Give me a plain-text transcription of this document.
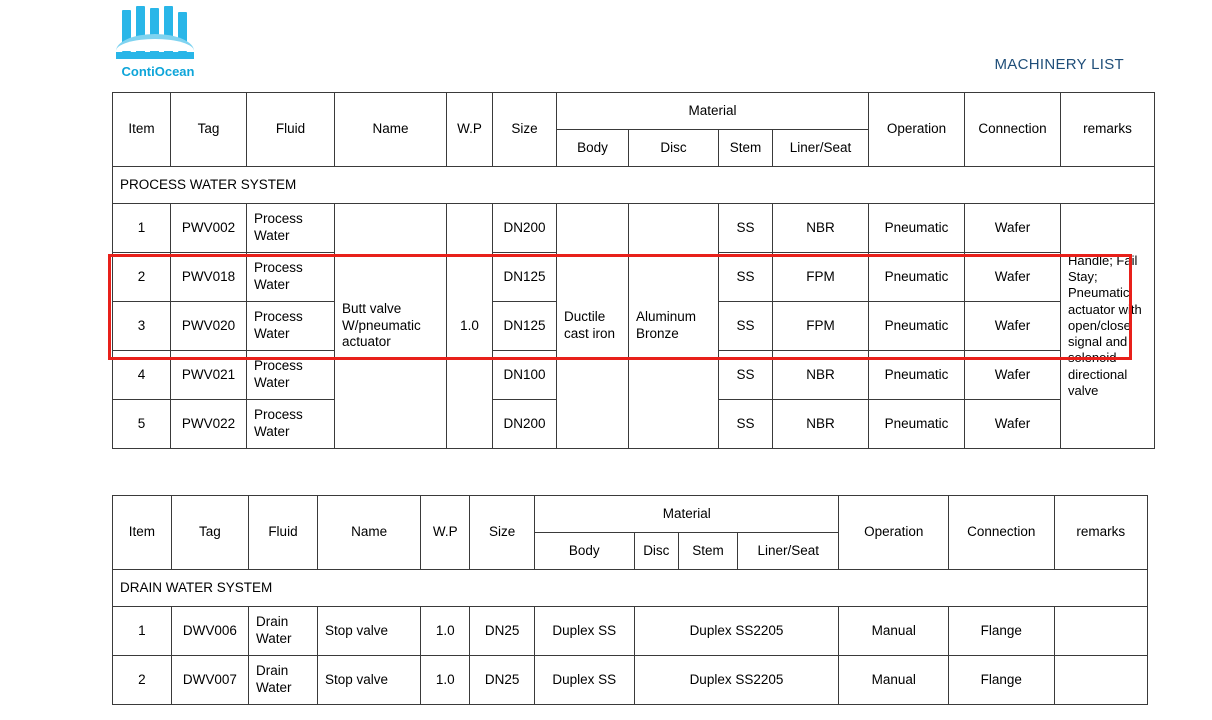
ContiOcean	MACHINERY LIST
Item	Tag	Fluid	Name	W.P	Size	Material				Operation	Connection	remarks
						Body	Disc	Stem	Liner/Seat			
PROCESS WATER SYSTEM												
1	PWV002	Process Water	Butt valve W/pneumatic actuator	1.0	DN200	Ductile cast iron	Aluminum Bronze	SS	NBR	Pneumatic	Wafer	Handle; Fail Stay; Pneumatic actuator with open/close signal and solenoid directional valve
2	PWV018	Process Water			DN125			SS	FPM	Pneumatic	Wafer	
3	PWV020	Process Water			DN125			SS	FPM	Pneumatic	Wafer	
4	PWV021	Process Water			DN100			SS	NBR	Pneumatic	Wafer	
5	PWV022	Process Water			DN200			SS	NBR	Pneumatic	Wafer	
Item	Tag	Fluid	Name	W.P	Size	Material				Operation	Connection	remarks
						Body	Disc	Stem	Liner/Seat			
DRAIN WATER SYSTEM												
1	DWV006	Drain Water	Stop valve	1.0	DN25	Duplex SS	Duplex SS2205			Manual	Flange	
2	DWV007	Drain Water	Stop valve	1.0	DN25	Duplex SS	Duplex SS2205			Manual	Flange	
